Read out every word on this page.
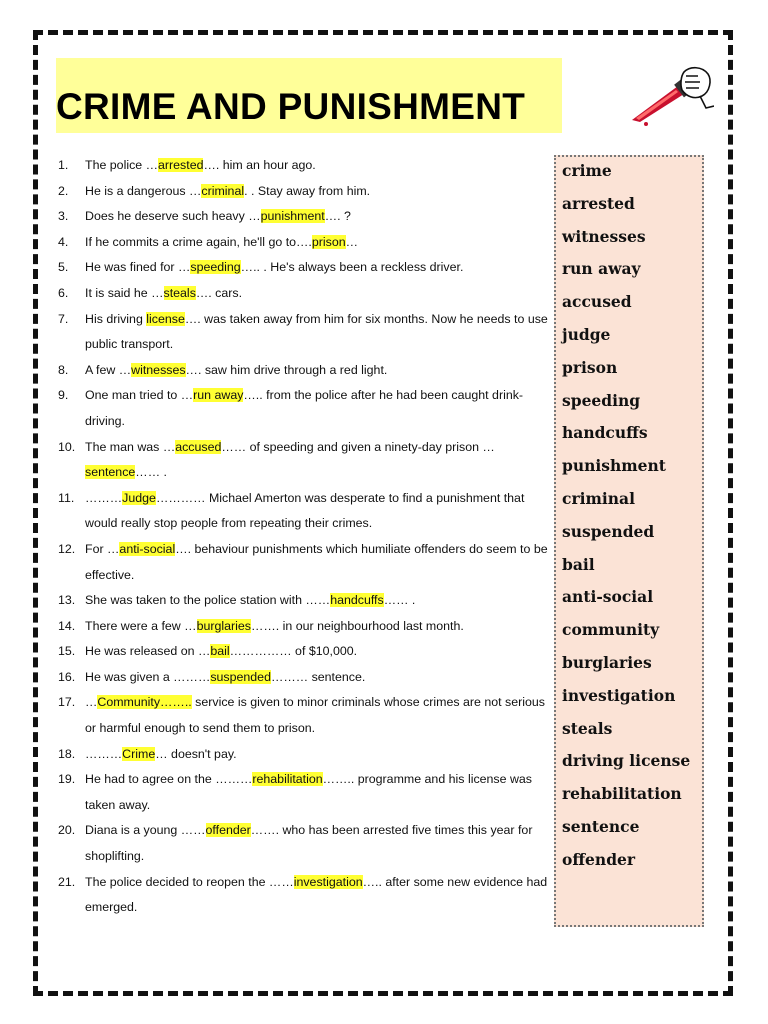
CRIME AND PUNISHMENT
1.	The police …arrested…. him an hour ago.
2.	He is a dangerous …criminal. . Stay away from him.
3.	Does he deserve such heavy …punishment…. ?
4.	If he commits a crime again, he'll go to….prison…
5.	He was fined for …speeding….. . He's always been a reckless driver.
6.	It is said he …steals…. cars.
7.	His driving license…. was taken away from him for six months. Now he needs to use public transport.
8.	A few …witnesses…. saw him drive through a red light.
9.	One man tried to …run away….. from the police after he had been caught drink-driving.
10. The man was …accused…… of speeding and given a ninety-day prison …sentence…… .
11. ………Judge………… Michael Amerton was desperate to find a punishment that would really stop people from repeating their crimes.
12. For …anti-social…. behaviour punishments which humiliate offenders do seem to be effective.
13. She was taken to the police station with ……handcuffs…… .
14. There were a few …burglaries……. in our neighbourhood last month.
15. He was released on …bail…………… of $10,000.
16. He was given a ………suspended……… sentence.
17. …Community…….. service is given to minor criminals whose crimes are not serious or harmful enough to send them to prison.
18. ………Crime… doesn't pay.
19. He had to agree on the ………rehabilitation…….. programme and his license was taken away.
20. Diana is a young ……offender……. who has been arrested five times this year for shoplifting.
21. The police decided to reopen the ……investigation….. after some new evidence had emerged.
crime
arrested
witnesses
run away
accused
judge
prison
speeding
handcuffs
punishment
criminal
suspended
bail
anti-social
community
burglaries
investigation
steals
driving license
rehabilitation
sentence
offender
